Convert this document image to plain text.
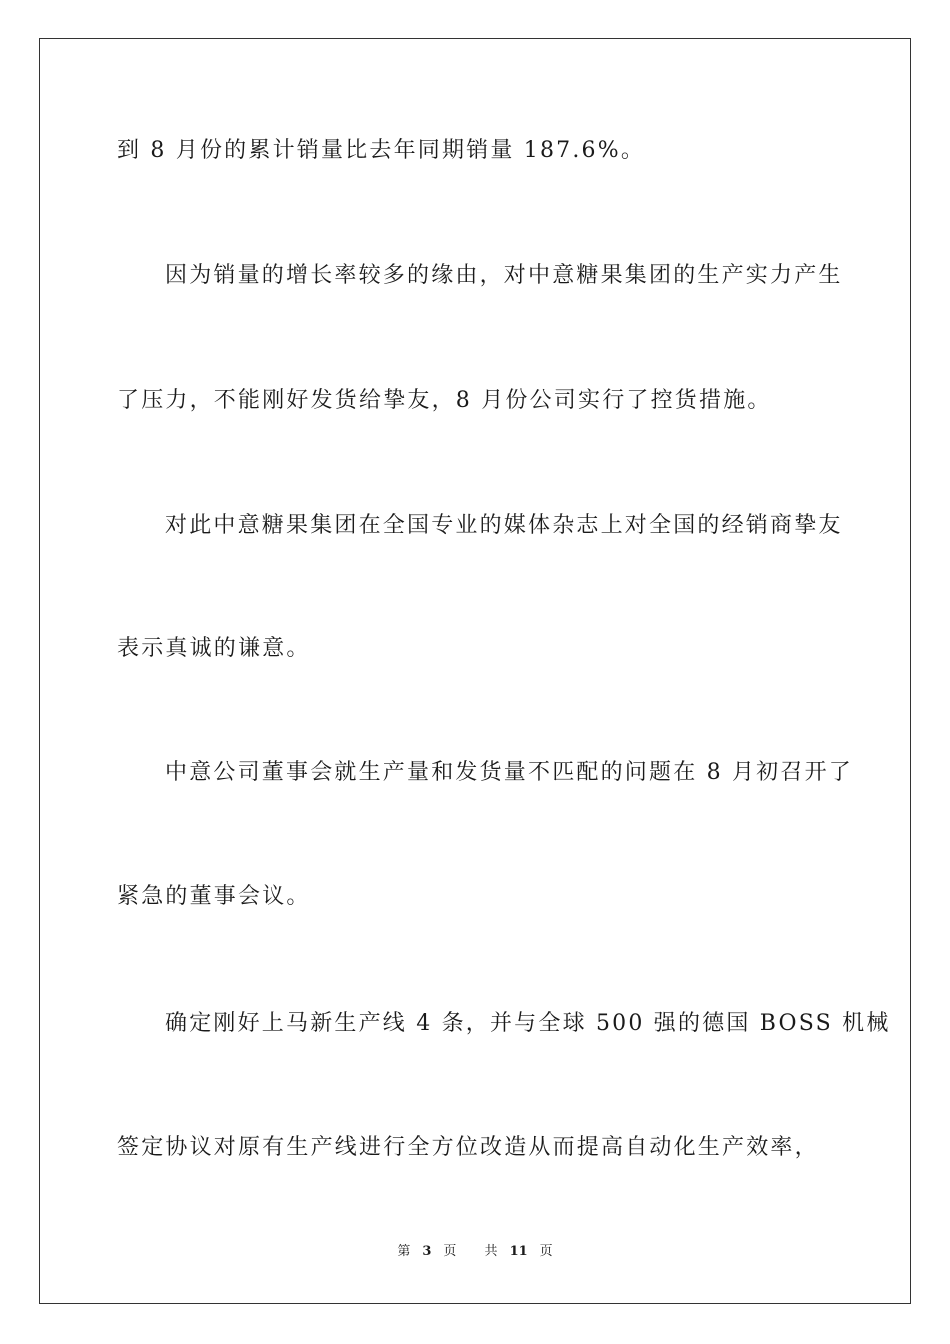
到 8 月份的累计销量比去年同期销量 187.6%。

因为销量的增长率较多的缘由，对中意糖果集团的生产实力产生

了压力，不能刚好发货给挚友，8 月份公司实行了控货措施。

对此中意糖果集团在全国专业的媒体杂志上对全国的经销商挚友

表示真诚的谦意。

中意公司董事会就生产量和发货量不匹配的问题在 8 月初召开了

紧急的董事会议。

确定刚好上马新生产线 4 条，并与全球 500 强的德国 BOSS 机械

签定协议对原有生产线进行全方位改造从而提高自动化生产效率，

第 3 页 共 11 页
